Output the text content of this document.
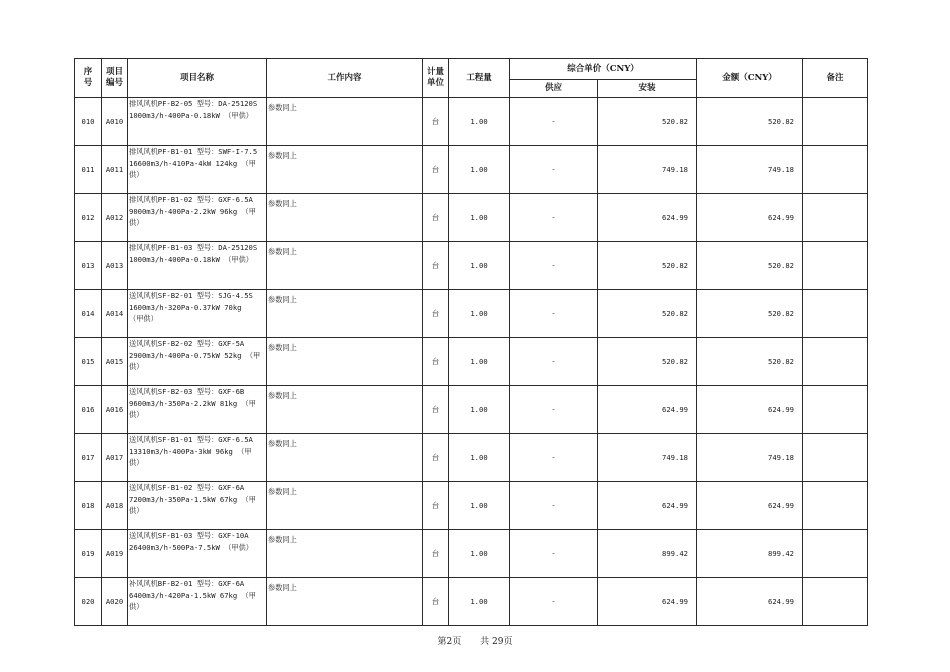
序
号	项目
编号	项目名称	工作内容	计量
单位	工程量	综合单价（CNY）		金额（CNY）	备注
						供应	安装		
010	A010	排风风机PF-B2-05 型号：DA-25120S
1000m3/h-400Pa-0.18kW （甲供）	参数同上	台	1.00	-	520.82	520.82	
011	A011	排风风机PF-B1-01 型号：SWF-I-7.5
16600m3/h-410Pa-4kW 124kg （甲
供）	参数同上	台	1.00	-	749.18	749.18	
012	A012	排风风机PF-B1-02 型号：GXF-6.5A
9000m3/h-400Pa-2.2kW 96kg （甲
供）	参数同上	台	1.00	-	624.99	624.99	
013	A013	排风风机PF-B1-03 型号：DA-25120S
1000m3/h-400Pa-0.18kW （甲供）	参数同上	台	1.00	-	520.82	520.82	
014	A014	送风风机SF-B2-01 型号：SJG-4.5S
1600m3/h-320Pa-0.37kW 70kg
（甲供）	参数同上	台	1.00	-	520.82	520.82	
015	A015	送风风机SF-B2-02 型号：GXF-5A
2900m3/h-400Pa-0.75kW 52kg （甲
供）	参数同上	台	1.00	-	520.82	520.82	
016	A016	送风风机SF-B2-03 型号：GXF-6B
9600m3/h-350Pa-2.2kW 81kg （甲
供）	参数同上	台	1.00	-	624.99	624.99	
017	A017	送风风机SF-B1-01 型号：GXF-6.5A
13310m3/h-400Pa-3kW 96kg （甲
供）	参数同上	台	1.00	-	749.18	749.18	
018	A018	送风风机SF-B1-02 型号：GXF-6A
7200m3/h-350Pa-1.5kW 67kg （甲
供）	参数同上	台	1.00	-	624.99	624.99	
019	A019	送风风机SF-B1-03 型号：GXF-10A
26400m3/h-500Pa-7.5kW （甲供）	参数同上	台	1.00	-	899.42	899.42	
020	A020	补风风机BF-B2-01 型号：GXF-6A
6400m3/h-420Pa-1.5kW 67kg （甲
供）	参数同上	台	1.00	-	624.99	624.99	
第2页 共 29页
